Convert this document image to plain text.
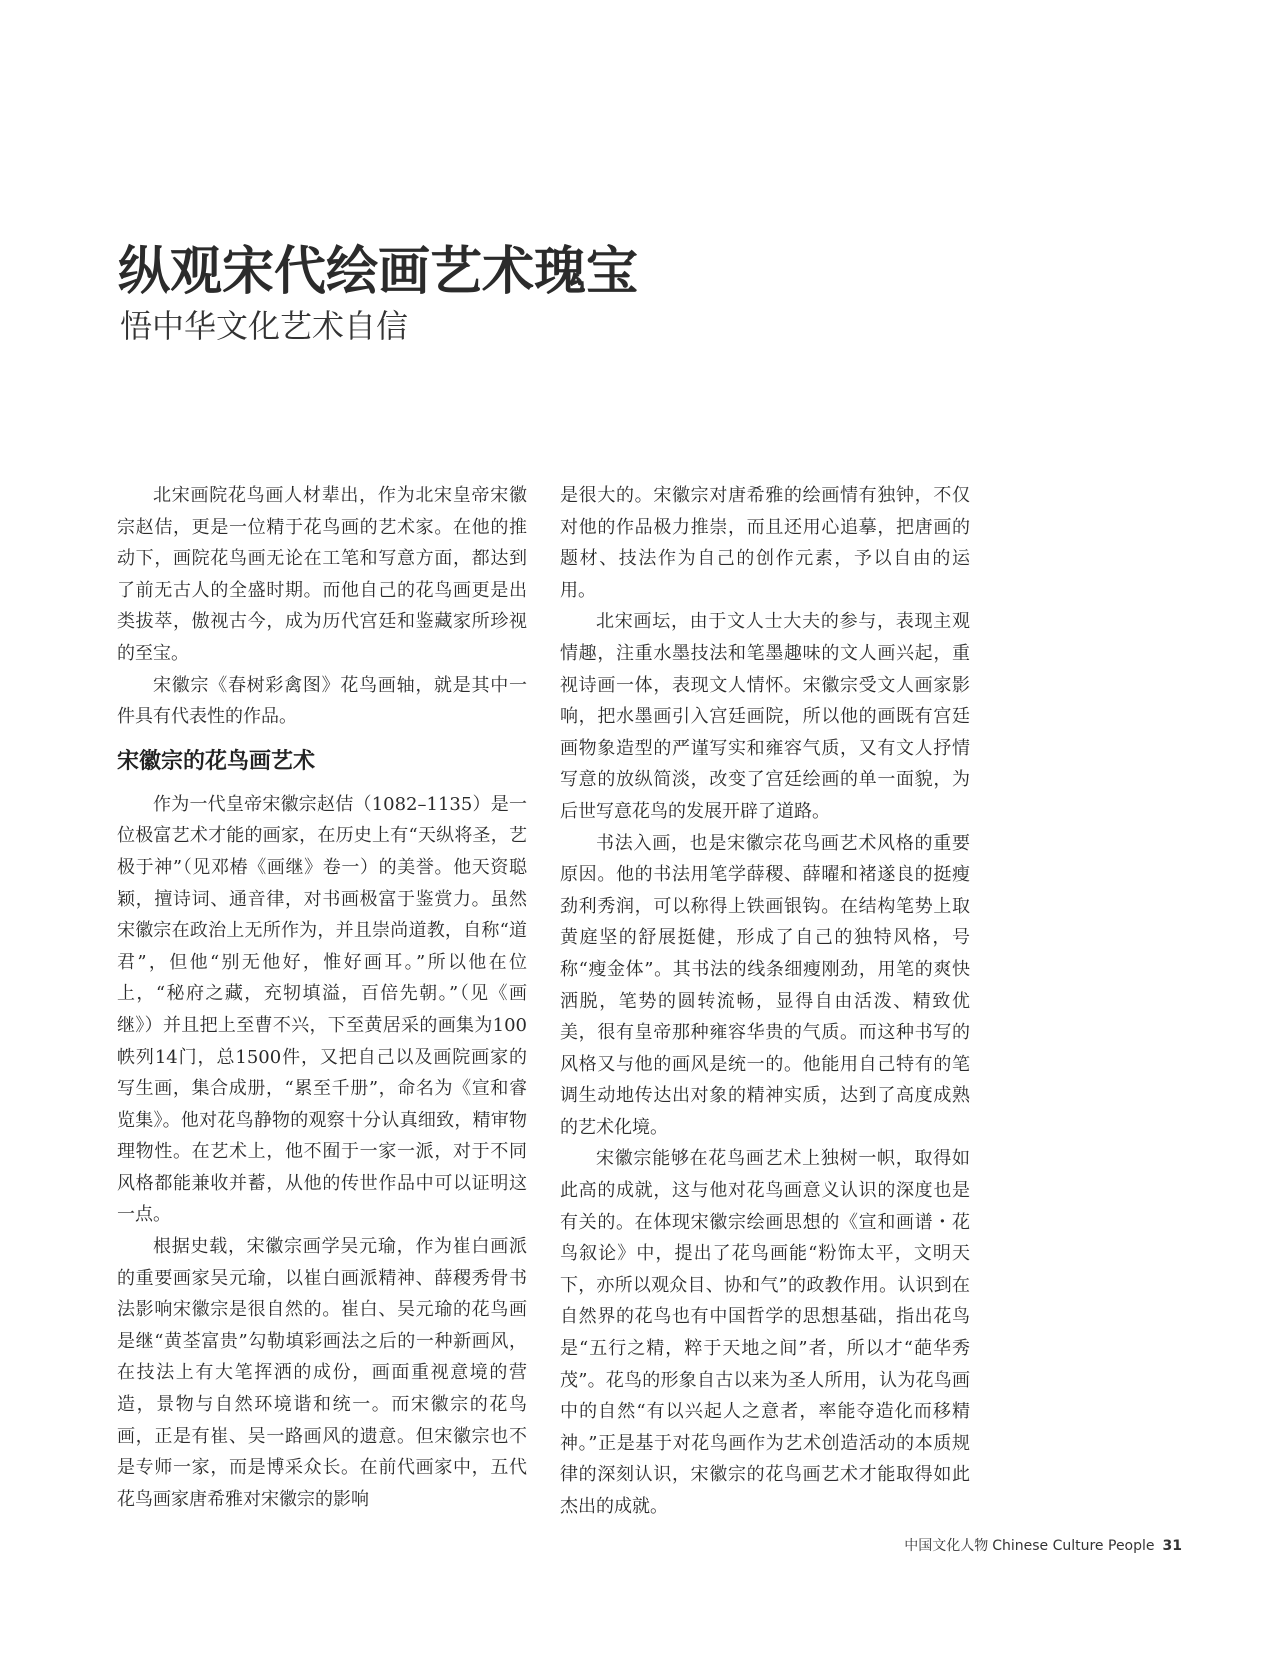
纵观宋代绘画艺术瑰宝
悟中华文化艺术自信

北宋画院花鸟画人材辈出，作为北宋皇帝宋徽宗赵佶，更是一位精于花鸟画的艺术家。在他的推动下，画院花鸟画无论在工笔和写意方面，都达到了前无古人的全盛时期。而他自己的花鸟画更是出类拔萃，傲视古今，成为历代宫廷和鉴藏家所珍视的至宝。

宋徽宗《春树彩禽图》花鸟画轴，就是其中一件具有代表性的作品。

宋徽宗的花鸟画艺术

作为一代皇帝宋徽宗赵佶（1082–1135）是一位极富艺术才能的画家，在历史上有“天纵将圣，艺极于神”（见邓椿《画继》卷一）的美誉。他天资聪颖，擅诗词、通音律，对书画极富于鉴赏力。虽然宋徽宗在政治上无所作为，并且崇尚道教，自称“道君”，但他“别无他好，惟好画耳。”所以他在位上，“秘府之藏，充牣填溢，百倍先朝。”（见《画继》）并且把上至曹不兴，下至黄居采的画集为100帙列14门，总1500件，又把自己以及画院画家的写生画，集合成册，“累至千册”，命名为《宣和睿览集》。他对花鸟静物的观察十分认真细致，精审物理物性。在艺术上，他不囿于一家一派，对于不同风格都能兼收并蓄，从他的传世作品中可以证明这一点。

根据史载，宋徽宗画学吴元瑜，作为崔白画派的重要画家吴元瑜，以崔白画派精神、薛稷秀骨书法影响宋徽宗是很自然的。崔白、吴元瑜的花鸟画是继“黄荃富贵”勾勒填彩画法之后的一种新画风，在技法上有大笔挥洒的成份，画面重视意境的营造，景物与自然环境谐和统一。而宋徽宗的花鸟画，正是有崔、吴一路画风的遗意。但宋徽宗也不是专师一家，而是博采众长。在前代画家中，五代花鸟画家唐希雅对宋徽宗的影响

是很大的。宋徽宗对唐希雅的绘画情有独钟，不仅对他的作品极力推崇，而且还用心追摹，把唐画的题材、技法作为自己的创作元素，予以自由的运用。

北宋画坛，由于文人士大夫的参与，表现主观情趣，注重水墨技法和笔墨趣味的文人画兴起，重视诗画一体，表现文人情怀。宋徽宗受文人画家影响，把水墨画引入宫廷画院，所以他的画既有宫廷画物象造型的严谨写实和雍容气质，又有文人抒情写意的放纵简淡，改变了宫廷绘画的单一面貌，为后世写意花鸟的发展开辟了道路。

书法入画，也是宋徽宗花鸟画艺术风格的重要原因。他的书法用笔学薛稷、薛曜和褚遂良的挺瘦劲利秀润，可以称得上铁画银钩。在结构笔势上取黄庭坚的舒展挺健，形成了自己的独特风格，号称“瘦金体”。其书法的线条细瘦刚劲，用笔的爽快洒脱，笔势的圆转流畅，显得自由活泼、精致优美，很有皇帝那种雍容华贵的气质。而这种书写的风格又与他的画风是统一的。他能用自己特有的笔调生动地传达出对象的精神实质，达到了高度成熟的艺术化境。

宋徽宗能够在花鸟画艺术上独树一帜，取得如此高的成就，这与他对花鸟画意义认识的深度也是有关的。在体现宋徽宗绘画思想的《宣和画谱・花鸟叙论》中，提出了花鸟画能“粉饰太平，文明天下，亦所以观众目、协和气”的政教作用。认识到在自然界的花鸟也有中国哲学的思想基础，指出花鸟是“五行之精，粹于天地之间”者，所以才“葩华秀茂”。花鸟的形象自古以来为圣人所用，认为花鸟画中的自然“有以兴起人之意者，率能夺造化而移精神。”正是基于对花鸟画作为艺术创造活动的本质规律的深刻认识，宋徽宗的花鸟画艺术才能取得如此杰出的成就。

中国文化人物 Chinese Culture People 31
